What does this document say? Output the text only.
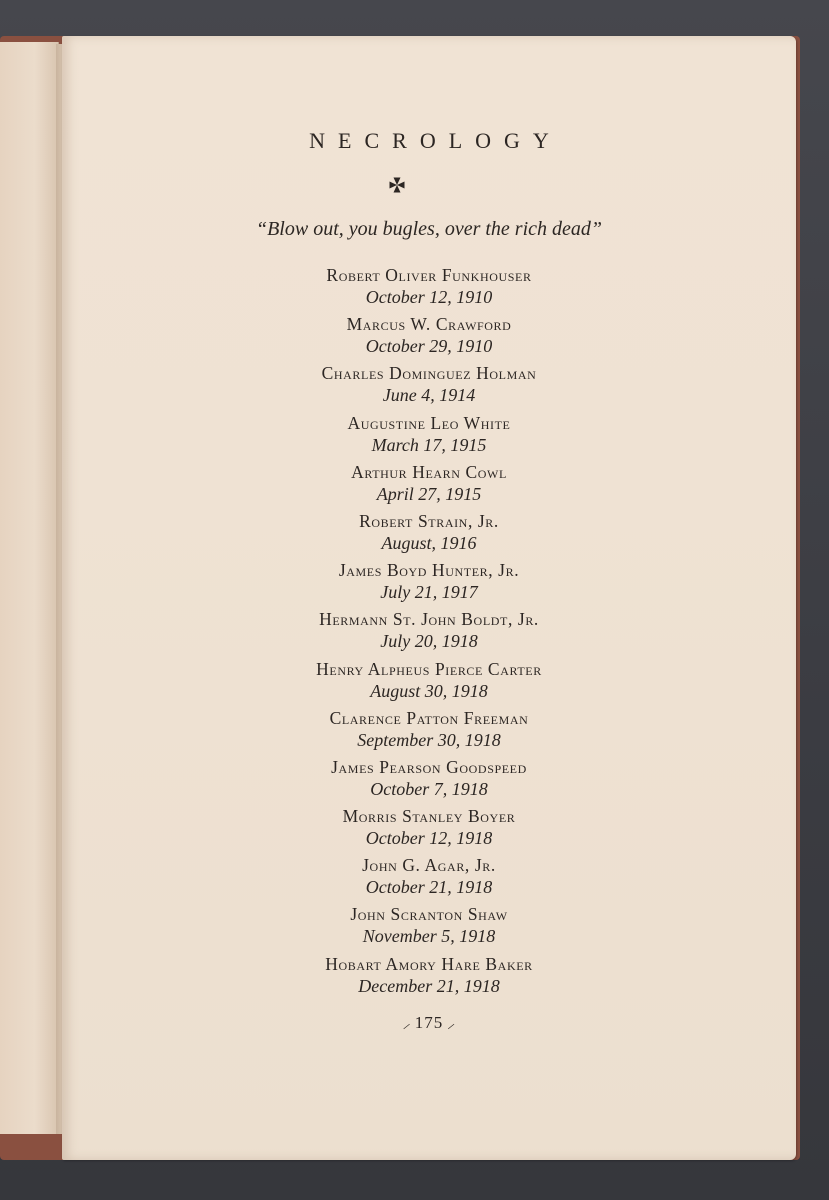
NECROLOGY
“Blow out, you bugles, over the rich dead”
Robert Oliver Funkhouser
October 12, 1910
Marcus W. Crawford
October 29, 1910
Charles Dominguez Holman
June 4, 1914
Augustine Leo White
March 17, 1915
Arthur Hearn Cowl
April 27, 1915
Robert Strain, Jr.
August, 1916
James Boyd Hunter, Jr.
July 21, 1917
Hermann St. John Boldt, Jr.
July 20, 1918
Henry Alpheus Pierce Carter
August 30, 1918
Clarence Patton Freeman
September 30, 1918
James Pearson Goodspeed
October 7, 1918
Morris Stanley Boyer
October 12, 1918
John G. Agar, Jr.
October 21, 1918
John Scranton Shaw
November 5, 1918
Hobart Amory Hare Baker
December 21, 1918
⸝ 175 ⸝
